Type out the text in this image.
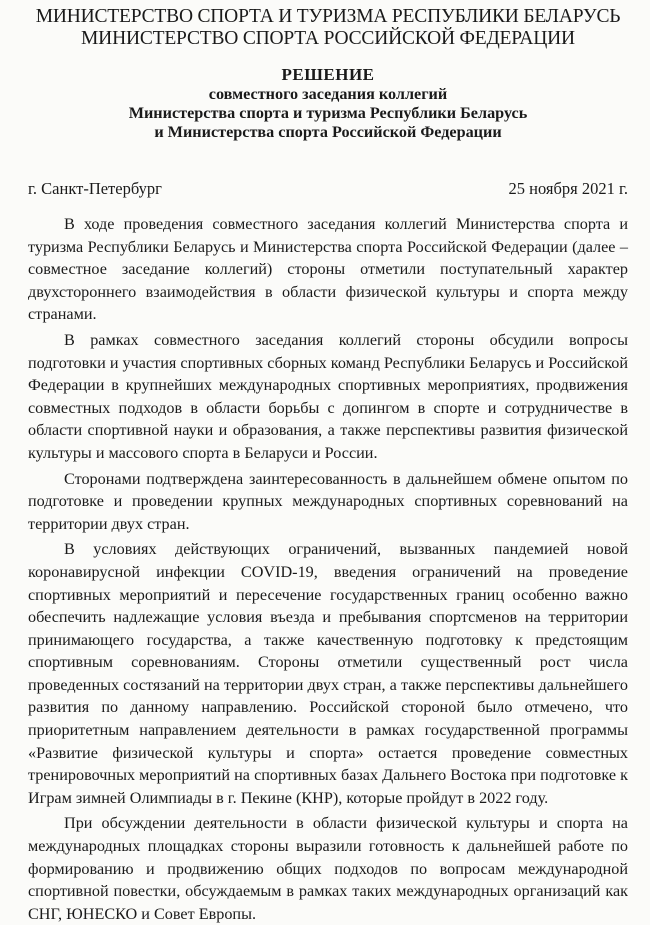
МИНИСТЕРСТВО СПОРТА И ТУРИЗМА РЕСПУБЛИКИ БЕЛАРУСЬ
МИНИСТЕРСТВО СПОРТА РОССИЙСКОЙ ФЕДЕРАЦИИ
РЕШЕНИЕ
совместного заседания коллегий
Министерства спорта и туризма Республики Беларусь
и Министерства спорта Российской Федерации
г. Санкт-Петербург	25 ноября 2021 г.

В ходе проведения совместного заседания коллегий Министерства спорта и туризма Республики Беларусь и Министерства спорта Российской Федерации (далее – совместное заседание коллегий) стороны отметили поступательный характер двухстороннего взаимодействия в области физической культуры и спорта между странами.

В рамках совместного заседания коллегий стороны обсудили вопросы подготовки и участия спортивных сборных команд Республики Беларусь и Российской Федерации в крупнейших международных спортивных мероприятиях, продвижения совместных подходов в области борьбы с допингом в спорте и сотрудничестве в области спортивной науки и образования, а также перспективы развития физической культуры и массового спорта в Беларуси и России.

Сторонами подтверждена заинтересованность в дальнейшем обмене опытом по подготовке и проведении крупных международных спортивных соревнований на территории двух стран.

В условиях действующих ограничений, вызванных пандемией новой коронавирусной инфекции COVID-19, введения ограничений на проведение спортивных мероприятий и пересечение государственных границ особенно важно обеспечить надлежащие условия въезда и пребывания спортсменов на территории принимающего государства, а также качественную подготовку к предстоящим спортивным соревнованиям. Стороны отметили существенный рост числа проведенных состязаний на территории двух стран, а также перспективы дальнейшего развития по данному направлению. Российской стороной было отмечено, что приоритетным направлением деятельности в рамках государственной программы «Развитие физической культуры и спорта» остается проведение совместных тренировочных мероприятий на спортивных базах Дальнего Востока при подготовке к Играм зимней Олимпиады в г. Пекине (КНР), которые пройдут в 2022 году.

При обсуждении деятельности в области физической культуры и спорта на международных площадках стороны выразили готовность к дальнейшей работе по формированию и продвижению общих подходов по вопросам международной спортивной повестки, обсуждаемым в рамках таких международных организаций как СНГ, ЮНЕСКО и Совет Европы.
